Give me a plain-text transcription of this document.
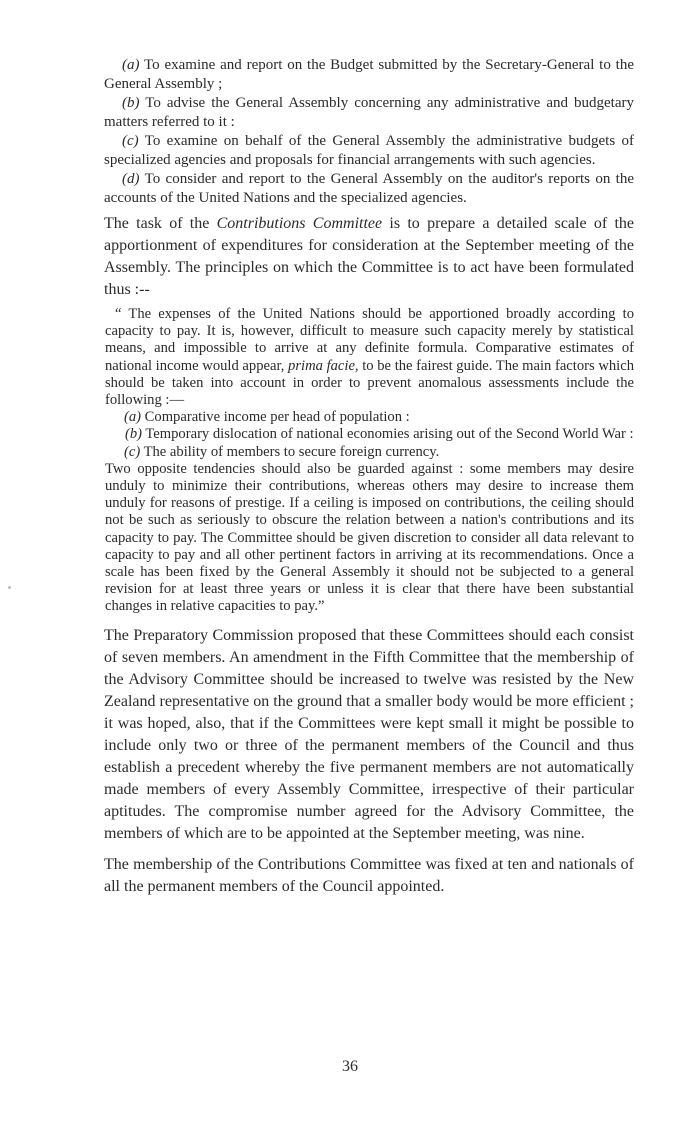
(a) To examine and report on the Budget submitted by the Secretary-General to the General Assembly ;

(b) To advise the General Assembly concerning any administrative and budgetary matters referred to it :

(c) To examine on behalf of the General Assembly the administrative budgets of specialized agencies and proposals for financial arrangements with such agencies.

(d) To consider and report to the General Assembly on the auditor's reports on the accounts of the United Nations and the specialized agencies.

The task of the Contributions Committee is to prepare a detailed scale of the apportionment of expenditures for consideration at the September meeting of the Assembly. The principles on which the Committee is to act have been formulated thus :--

“ The expenses of the United Nations should be apportioned broadly according to capacity to pay. It is, however, difficult to measure such capacity merely by statistical means, and impossible to arrive at any definite formula. Comparative estimates of national income would appear, prima facie, to be the fairest guide. The main factors which should be taken into account in order to prevent anomalous assessments include the following :—

(a) Comparative income per head of population :

(b) Temporary dislocation of national economies arising out of the Second World War :

(c) The ability of members to secure foreign currency.

Two opposite tendencies should also be guarded against : some members may desire unduly to minimize their contributions, whereas others may desire to increase them unduly for reasons of prestige. If a ceiling is imposed on contributions, the ceiling should not be such as seriously to obscure the relation between a nation's contributions and its capacity to pay. The Committee should be given discretion to consider all data relevant to capacity to pay and all other pertinent factors in arriving at its recommendations. Once a scale has been fixed by the General Assembly it should not be subjected to a general revision for at least three years or unless it is clear that there have been substantial changes in relative capacities to pay.”

The Preparatory Commission proposed that these Committees should each consist of seven members. An amendment in the Fifth Committee that the membership of the Advisory Committee should be increased to twelve was resisted by the New Zealand representative on the ground that a smaller body would be more efficient ; it was hoped, also, that if the Committees were kept small it might be possible to include only two or three of the permanent members of the Council and thus establish a precedent whereby the five permanent members are not automatically made members of every Assembly Committee, irrespective of their particular aptitudes. The compromise number agreed for the Advisory Committee, the members of which are to be appointed at the September meeting, was nine.

The membership of the Contributions Committee was fixed at ten and nationals of all the permanent members of the Council appointed.

36
